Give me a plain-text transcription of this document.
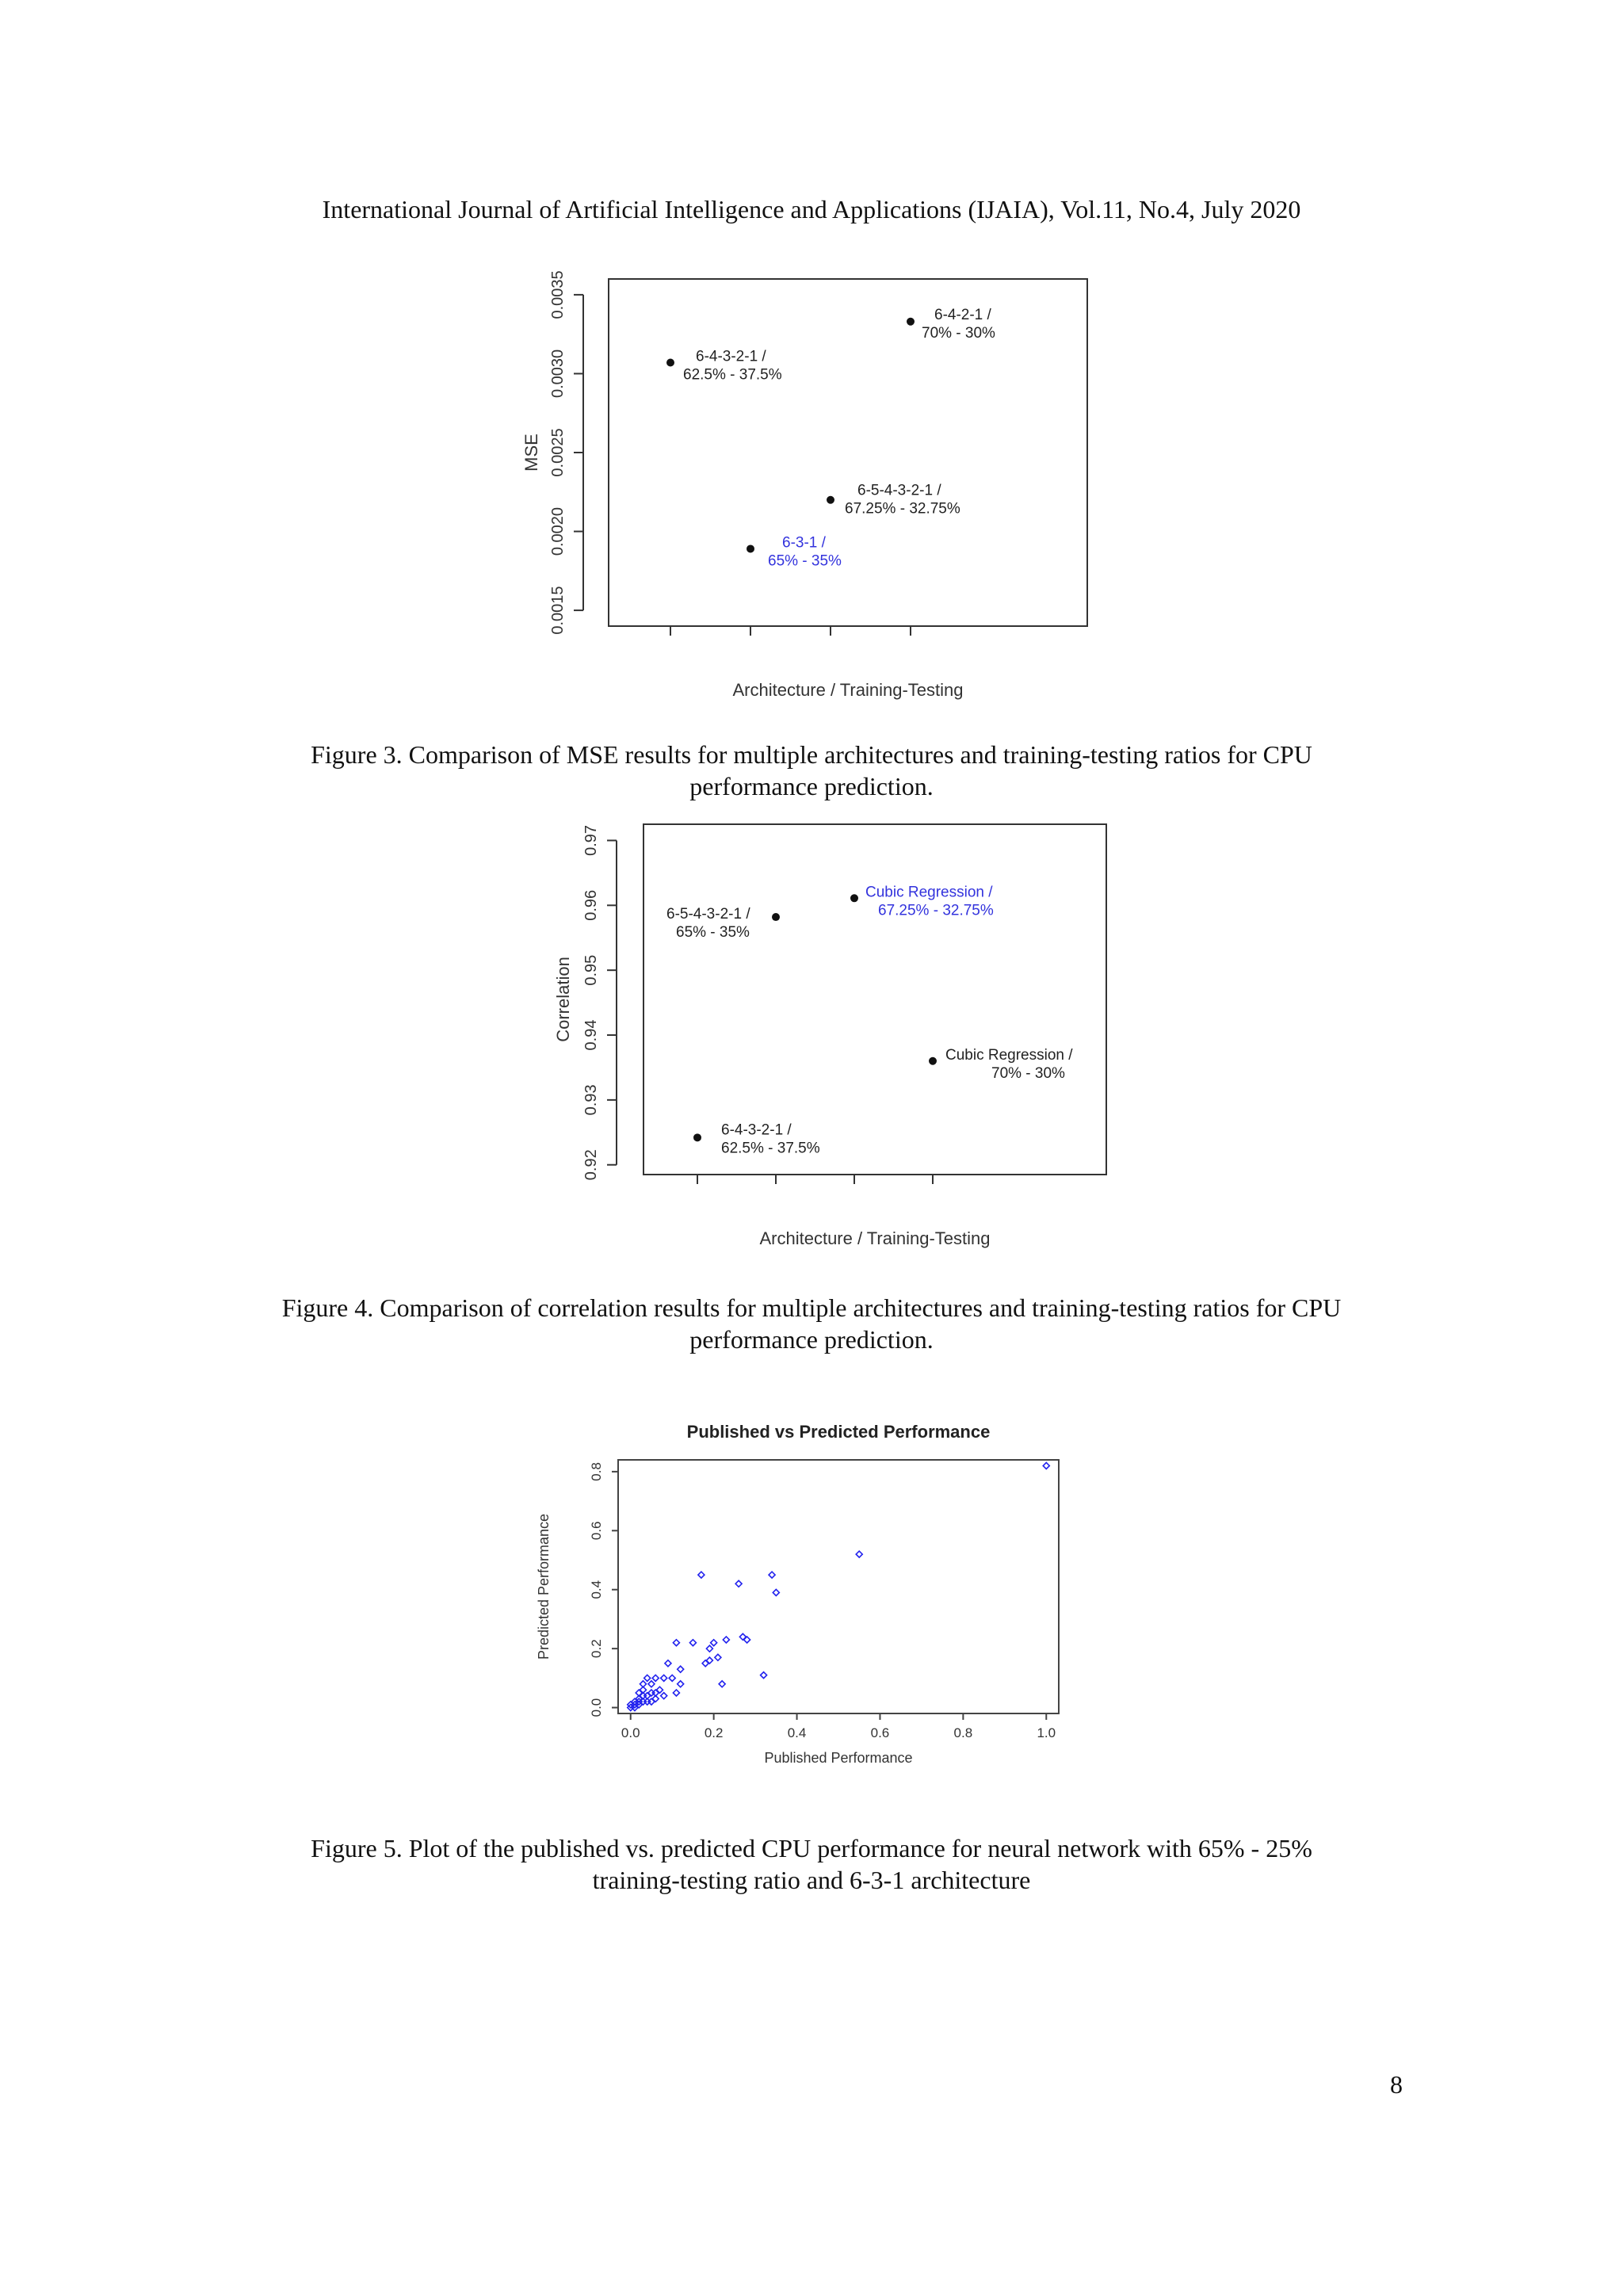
International Journal of Artificial Intelligence and Applications (IJAIA), Vol.11, No.4, July 2020
0.0015
0.0020
0.0025
0.0030
0.0035
MSE
Architecture / Training-Testing
6-4-3-2-1 /
62.5% - 37.5%
6-3-1 /
65% - 35%
6-5-4-3-2-1 /
67.25% - 32.75%
6-4-2-1 /
70% - 30%
Figure 3. Comparison of MSE results for multiple architectures and training-testing ratios for CPU
performance prediction.
0.92
0.93
0.94
0.95
0.96
0.97
Correlation
Architecture / Training-Testing
6-4-3-2-1 /
62.5% - 37.5%
6-5-4-3-2-1 /
65% - 35%
Cubic Regression /
67.25% - 32.75%
Cubic Regression /
70% - 30%
Figure 4. Comparison of correlation results for multiple architectures and training-testing ratios for CPU
performance prediction.
Published vs Predicted Performance
0.0	0.2	0.4	0.6	0.8	1.0
0.0
0.2
0.4
0.6
0.8
Published Performance
Predicted Performance
Figure 5. Plot of the published vs. predicted CPU performance for neural network with 65% - 25%
training-testing ratio and 6-3-1 architecture
8
